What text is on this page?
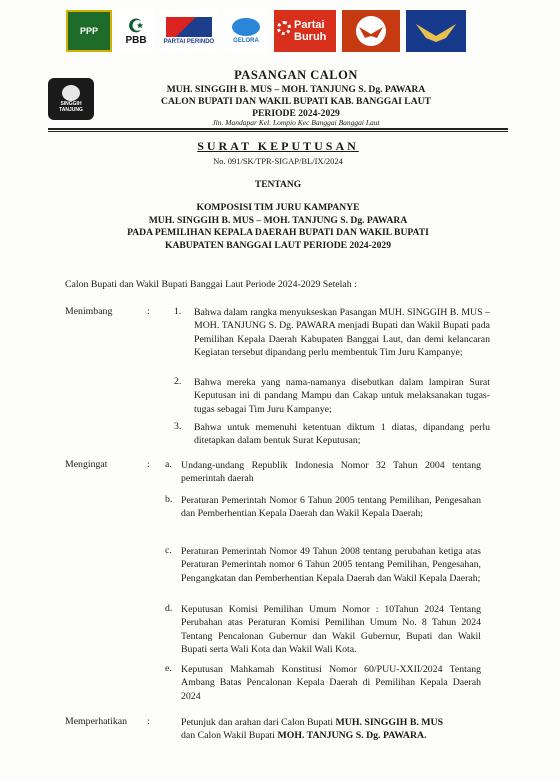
PPP ☪
PBB	PARTAI PERINDO	GELORA
Partai Buruh
SINGGIH TANJUNG
PASANGAN CALON
MUH. SINGGIH B. MUS – MOH. TANJUNG S. Dg. PAWARA
CALON BUPATI DAN WAKIL BUPATI KAB. BANGGAI LAUT
PERIODE 2024-2029
Jln. Mandapar Kel. Lompio Kec Banggai Banggai Laut
SURAT KEPUTUSAN
No. 091/SK/TPR-SIGAP/BL/IX/2024
TENTANG
KOMPOSISI TIM JURU KAMPANYE
MUH. SINGGIH B. MUS – MOH. TANJUNG S. Dg. PAWARA
PADA PEMILIHAN KEPALA DAERAH BUPATI DAN WAKIL BUPATI
KABUPATEN BANGGAI LAUT PERIODE 2024-2029
Calon Bupati dan Wakil Bupati Banggai Laut Periode 2024-2029 Setelah :
Menimbang	: 1. Bahwa dalam rangka menyukseskan Pasangan MUH. SINGGIH B. MUS – MOH. TANJUNG S. Dg. PAWARA menjadi Bupati dan Wakil Bupati pada Pemilihan Kepala Daerah Kabupaten Banggai Laut, dan demi kelancaran Kegiatan tersebut dipandang perlu membentuk Tim Juru Kampanye;
2. Bahwa mereka yang nama-namanya disebutkan dalam lampiran Surat Keputusan ini di pandang Mampu dan Cakap untuk melaksanakan tugas-tugas sebagai Tim Juru Kampanye;
3. Bahwa untuk memenuhi ketentuan diktum 1 diatas, dipandang perlu ditetapkan dalam bentuk Surat Keputusan;
Mengingat	: a. Undang-undang Republik Indonesia Nomor 32 Tahun 2004 tentang pemerintah daerah
b. Peraturan Pemerintah Nomor 6 Tahun 2005 tentang Pemilihan, Pengesahan dan Pemberhentian Kepala Daerah dan Wakil Kepala Daerah;
c. Peraturan Pemerintah Nomor 49 Tahun 2008 tentang perubahan ketiga atas Peraturan Pemerintah nomor 6 Tahun 2005 tentang Pemilihan, Pengesahan, Pengangkatan dan Pemberhentian Kepala Daerah dan Wakil Kepala Daerah;
d. Keputusan Komisi Pemilihan Umum Nomor : 10Tahun 2024 Tentang Perubahan atas Peraturan Komisi Pemilihan Umum No. 8 Tahun 2024 Tentang Pencalonan Gubernur dan Wakil Gubernur, Bupati dan Wakil Bupati serta Wali Kota dan Wakil Wali Kota.
e. Keputusan Mahkamah Konstitusi Nomor 60/PUU-XXII/2024 Tentang Ambang Batas Pencalonan Kepala Daerah di Pemilihan Kepala Daerah 2024
Memperhatikan :	Petunjuk dan arahan dari Calon Bupati MUH. SINGGIH B. MUS
dan Calon Wakil Bupati MOH. TANJUNG S. Dg. PAWARA.
